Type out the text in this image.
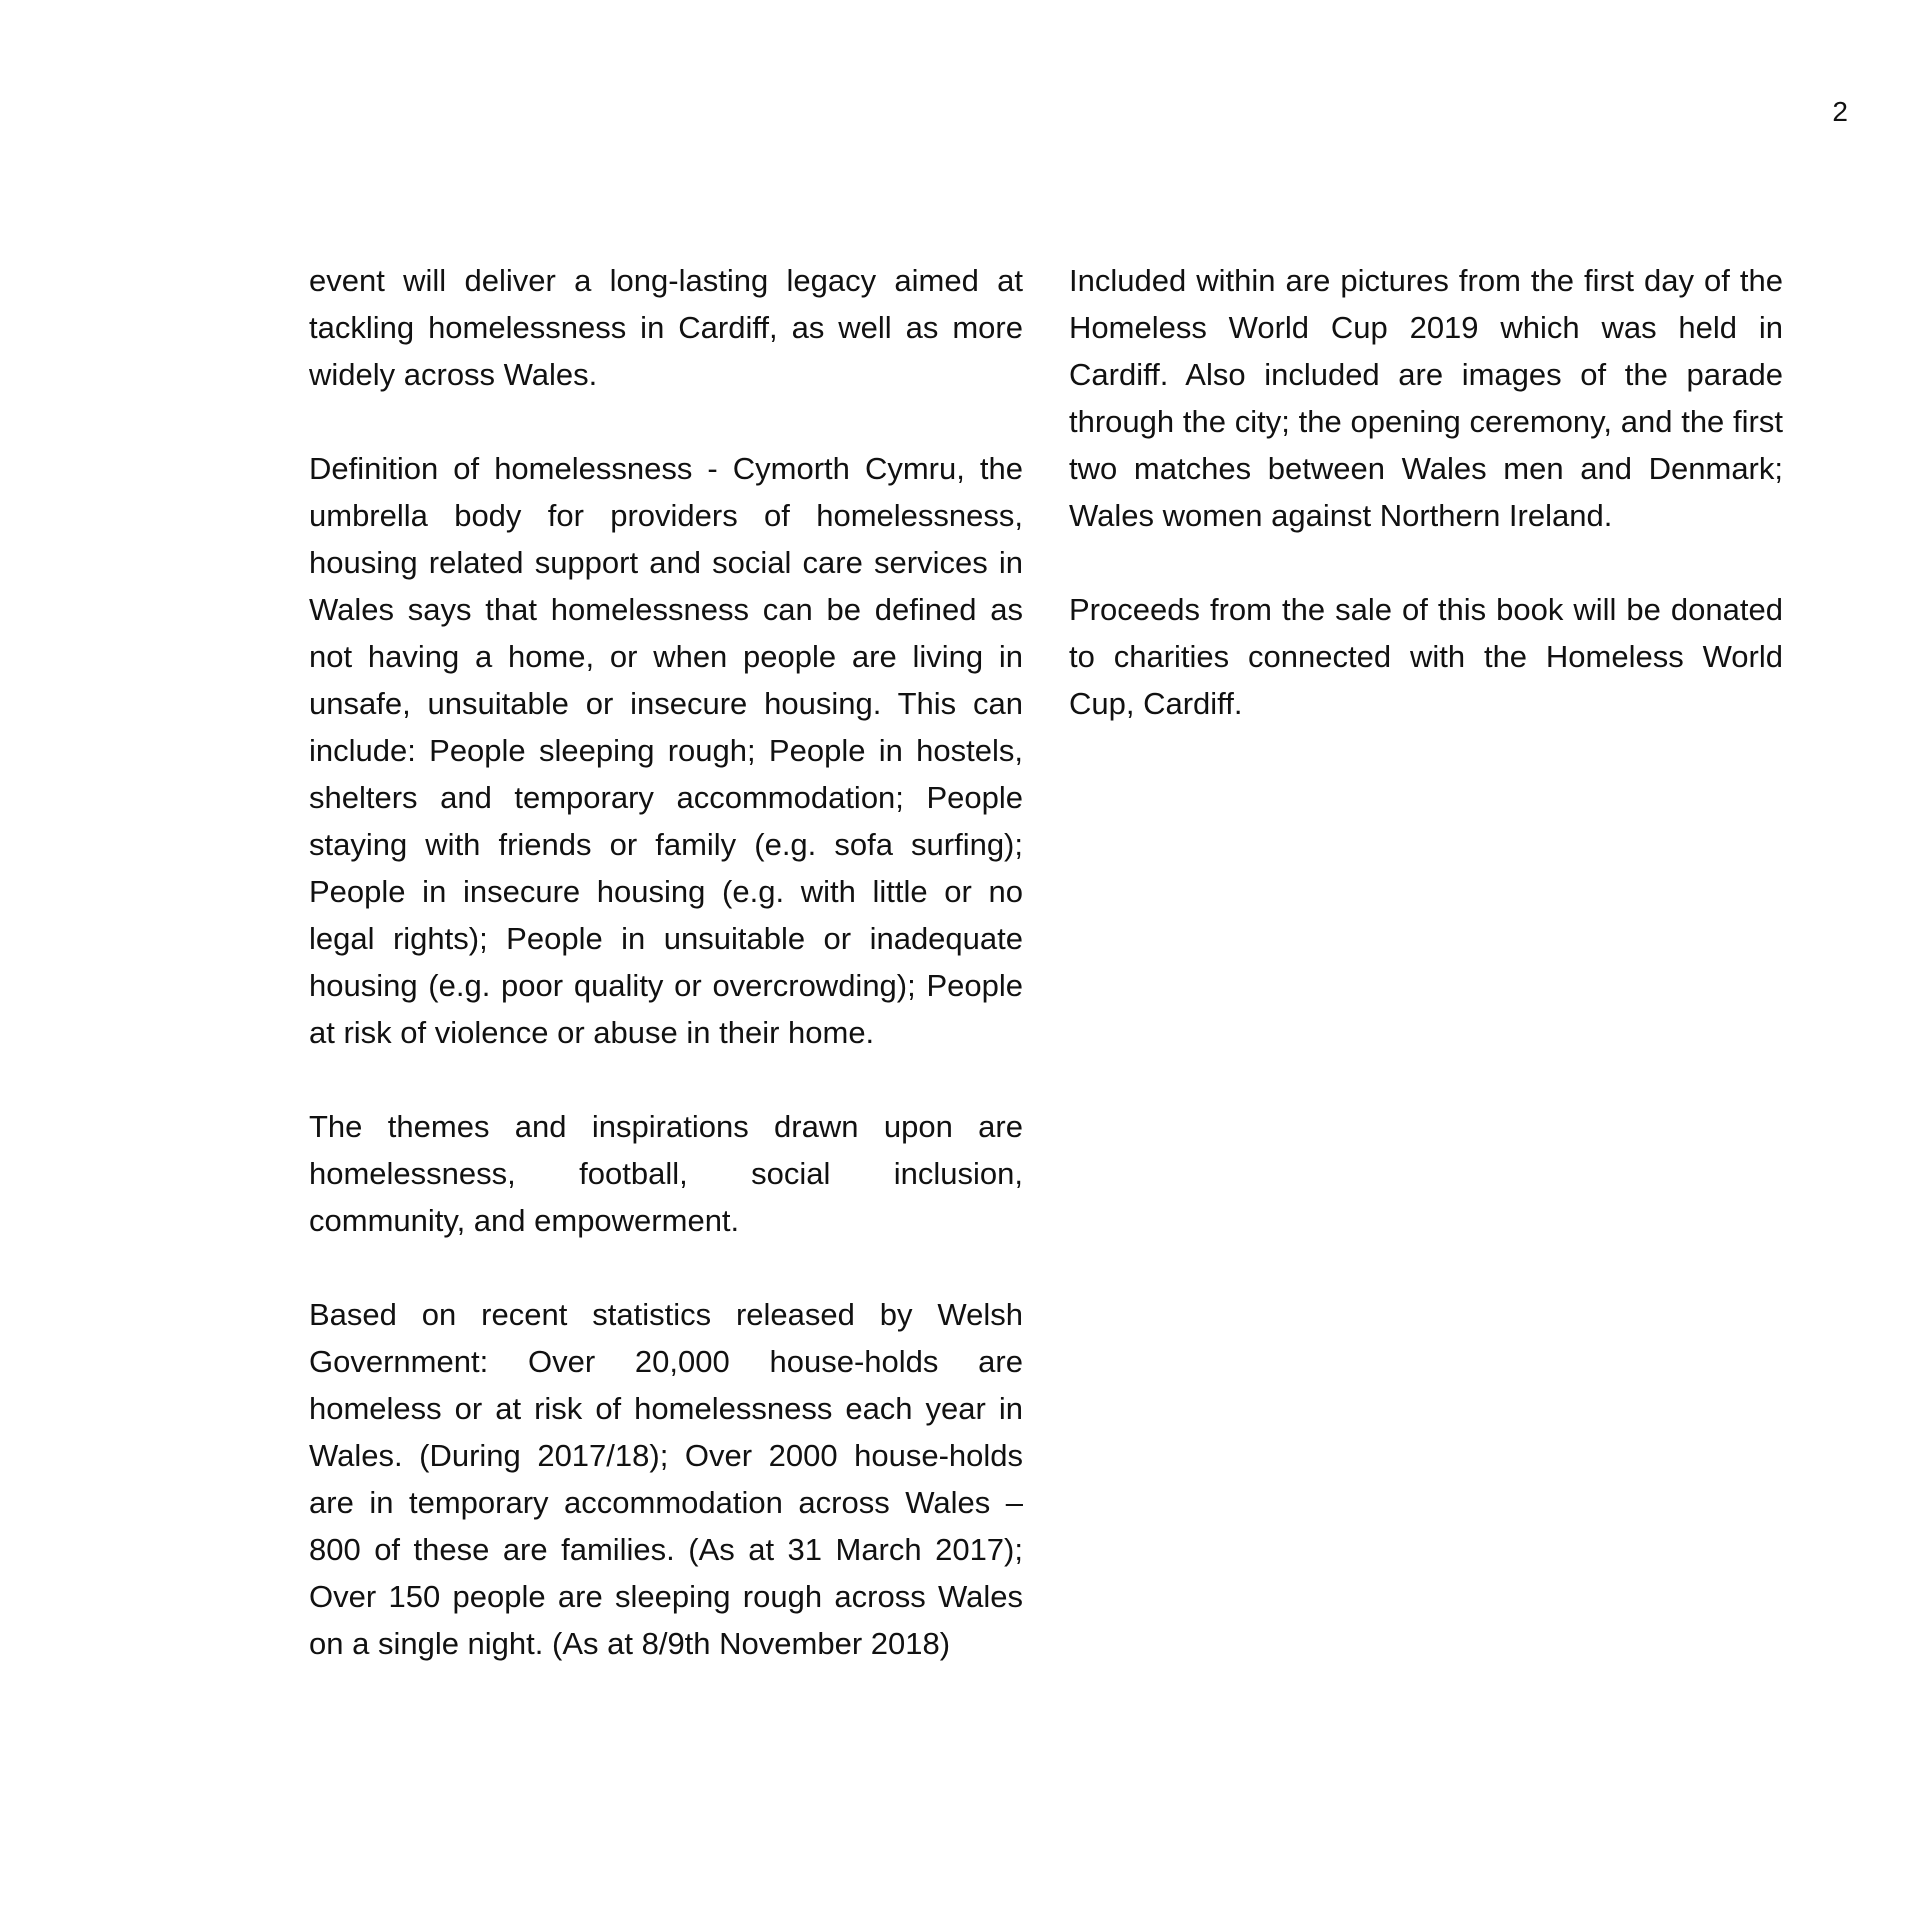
2

event will deliver a long-lasting legacy aimed at tackling homelessness in Cardiff, as well as more widely across Wales.

Definition of homelessness - Cymorth Cymru, the umbrella body for providers of homelessness, housing related support and social care services in Wales says that homelessness can be defined as not having a home, or when people are living in unsafe, unsuitable or insecure housing. This can include: People sleeping rough; People in hostels, shelters and temporary accommodation; People staying with friends or family (e.g. sofa surfing); People in insecure housing (e.g. with little or no legal rights); People in unsuitable or inadequate housing (e.g. poor quality or overcrowding); People at risk of violence or abuse in their home.

The themes and inspirations drawn upon are homelessness, football, social inclusion, community, and empowerment.

Based on recent statistics released by Welsh Government: Over 20,000 house-holds are homeless or at risk of homelessness each year in Wales. (During 2017/18); Over 2000 house-holds are in temporary accommodation across Wales – 800 of these are families. (As at 31 March 2017); Over 150 people are sleeping rough across Wales on a single night. (As at 8/9th November 2018)

Included within are pictures from the first day of the Homeless World Cup 2019 which was held in Cardiff. Also included are images of the parade through the city; the opening ceremony, and the first two matches between Wales men and Denmark; Wales women against Northern Ireland.

Proceeds from the sale of this book will be donated to charities connected with the Homeless World Cup, Cardiff.
